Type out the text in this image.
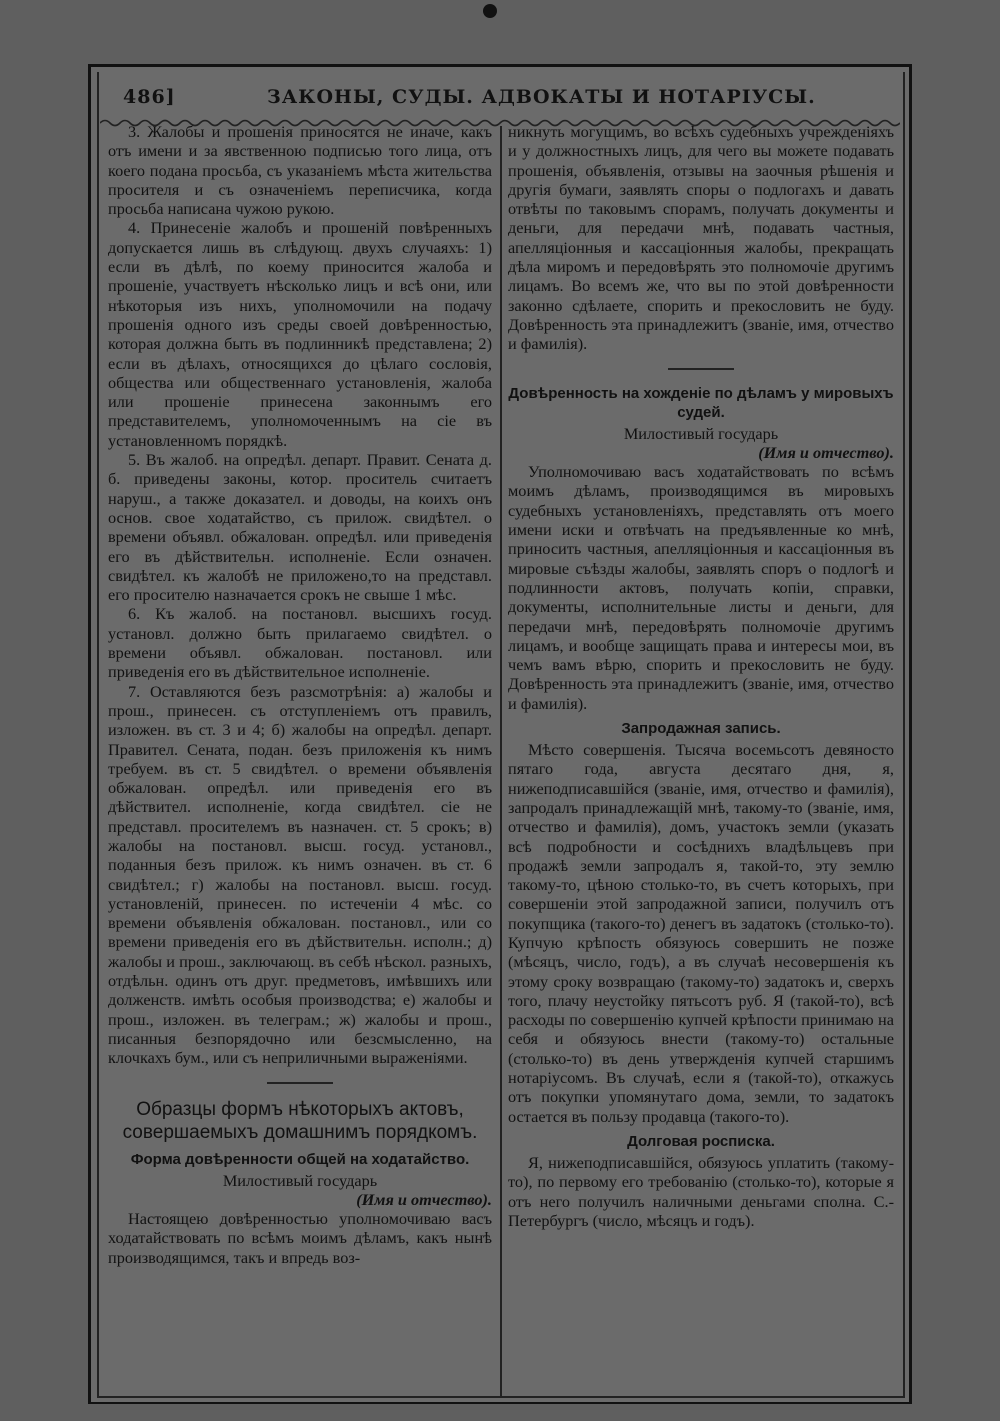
486]	ЗАКОНЫ, СУДЫ. АДВОКАТЫ И НОТАРІУСЫ.

3. Жалобы и прошенія приносятся не иначе, какъ отъ имени и за явственною подписью того лица, отъ коего подана просьба, съ указаніемъ мѣста жительства просителя и съ означеніемъ переписчика, когда просьба написана чужою рукою.

4. Принесеніе жалобъ и прошеній повѣренныхъ допускается лишь въ слѣдующ. двухъ случаяхъ: 1) если въ дѣлѣ, по коему приносится жалоба и прошеніе, участвуетъ нѣсколько лицъ и всѣ они, или нѣкоторыя изъ нихъ, уполномочили на подачу прошенія одного изъ среды своей довѣренностью, которая должна быть въ подлинникѣ представлена; 2) если въ дѣлахъ, относящихся до цѣлаго сословія, общества или общественнаго установленія, жалоба или прошеніе принесена законнымъ его представителемъ, уполномоченнымъ на сіе въ установленномъ порядкѣ.

5. Въ жалоб. на опредѣл. департ. Правит. Сената д. б. приведены законы, котор. проситель считаетъ наруш., а также доказател. и доводы, на коихъ онъ основ. свое ходатайство, съ прилож. свидѣтел. о времени объявл. обжалован. опредѣл. или приведенія его въ дѣйствительн. исполненіе. Если означен. свидѣтел. къ жалобѣ не приложено,то на представл. его просителю назначается срокъ не свыше 1 мѣс.

6. Къ жалоб. на постановл. высшихъ госуд. установл. должно быть прилагаемо свидѣтел. о времени объявл. обжалован. постановл. или приведенія его въ дѣйствительное исполненіе.

7. Оставляются безъ разсмотрѣнія: а) жалобы и прош., принесен. съ отступленіемъ отъ правилъ, изложен. въ ст. 3 и 4; б) жалобы на опредѣл. департ. Правител. Сената, подан. безъ приложенія къ нимъ требуем. въ ст. 5 свидѣтел. о времени объявленія обжалован. опредѣл. или приведенія его въ дѣйствител. исполненіе, когда свидѣтел. сіе не представл. просителемъ въ назначен. ст. 5 срокъ; в) жалобы на постановл. высш. госуд. установл., поданныя безъ прилож. къ нимъ означен. въ ст. 6 свидѣтел.; г) жалобы на постановл. высш. госуд. установленій, принесен. по истеченіи 4 мѣс. со времени объявленія обжалован. постановл., или со времени приведенія его въ дѣйствительн. исполн.; д) жалобы и прош., заключающ. въ себѣ нѣскол. разныхъ, отдѣльн. одинъ отъ друг. предметовъ, имѣвшихъ или долженств. имѣть особыя производства; е) жалобы и прош., изложен. въ телеграм.; ж) жалобы и прош., писанныя безпорядочно или безсмысленно, на клочкахъ бум., или съ неприличными выраженіями.

Образцы формъ нѣкоторыхъ актовъ, совершаемыхъ домашнимъ порядкомъ.
Форма довѣренности общей на ходатайство.

Милостивый государь

(Имя и отчество).

Настоящею довѣренностью уполномочиваю васъ ходатайствовать по всѣмъ моимъ дѣламъ, какъ нынѣ производящимся, такъ и впредь воз-

никнуть могущимъ, во всѣхъ судебныхъ учрежденіяхъ и у должностныхъ лицъ, для чего вы можете подавать прошенія, объявленія, отзывы на заочныя рѣшенія и другія бумаги, заявлять споры о подлогахъ и давать отвѣты по таковымъ спорамъ, получать документы и деньги, для передачи мнѣ, подавать частныя, апелляціонныя и кассаціонныя жалобы, прекращать дѣла миромъ и передовѣрять это полномочіе другимъ лицамъ. Во всемъ же, что вы по этой довѣренности законно сдѣлаете, спорить и прекословить не буду. Довѣренность эта принадлежитъ (званіе, имя, отчество и фамилія).

Довѣренность на хожденіе по дѣламъ у мировыхъ судей.

Милостивый государь

(Имя и отчество).

Уполномочиваю васъ ходатайствовать по всѣмъ моимъ дѣламъ, производящимся въ мировыхъ судебныхъ установленіяхъ, представлять отъ моего имени иски и отвѣчать на предъявленные ко мнѣ, приносить частныя, апелляціонныя и кассаціонныя въ мировые съѣзды жалобы, заявлять споръ о подлогѣ и подлинности актовъ, получать копіи, справки, документы, исполнительные листы и деньги, для передачи мнѣ, передовѣрять полномочіе другимъ лицамъ, и вообще защищать права и интересы мои, въ чемъ вамъ вѣрю, спорить и прекословить не буду. Довѣренность эта принадлежитъ (званіе, имя, отчество и фамилія).

Запродажная запись.

Мѣсто совершенія. Тысяча восемьсотъ девяносто пятаго года, августа десятаго дня, я, нижеподписавшійся (званіе, имя, отчество и фамилія), запродалъ принадлежащій мнѣ, такому-то (званіе, имя, отчество и фамилія), домъ, участокъ земли (указать всѣ подробности и сосѣднихъ владѣльцевъ при продажѣ земли запродалъ я, такой-то, эту землю такому-то, цѣною столько-то, въ счетъ которыхъ, при совершеніи этой запродажной записи, получилъ отъ покупщика (такого-то) денегъ въ задатокъ (столько-то). Купчую крѣпость обязуюсь совершить не позже (мѣсяцъ, число, годъ), а въ случаѣ несовершенія къ этому сроку возвращаю (такому-то) задатокъ и, сверхъ того, плачу неустойку пятьсотъ руб. Я (такой-то), всѣ расходы по совершенію купчей крѣпости принимаю на себя и обязуюсь внести (такому-то) остальные (столько-то) въ день утвержденія купчей старшимъ нотаріусомъ. Въ случаѣ, если я (такой-то), откажусь отъ покупки упомянутаго дома, земли, то задатокъ остается въ пользу продавца (такого-то).

Долговая росписка.

Я, нижеподписавшійся, обязуюсь уплатить (такому-то), по первому его требованію (столько-то), которые я отъ него получилъ наличными деньгами сполна. С.-Петербургъ (число, мѣсяцъ и годъ).
